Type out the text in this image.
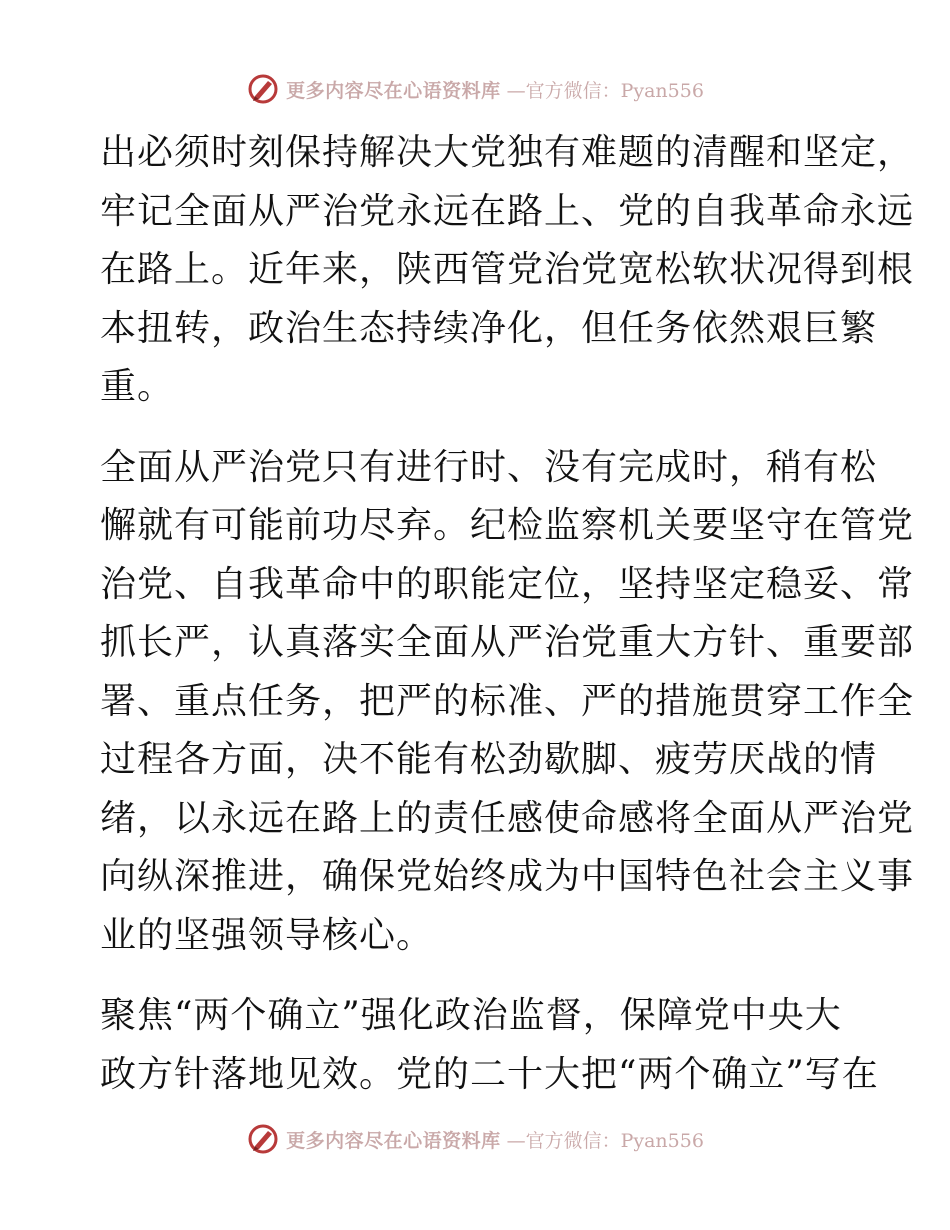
更多内容尽在心语资料库 —官方微信：Pyan556
出必须时刻保持解决大党独有难题的清醒和坚定，
牢记全面从严治党永远在路上、党的自我革命永远
在路上。近年来，陕西管党治党宽松软状况得到根
本扭转，政治生态持续净化，但任务依然艰巨繁
重。
全面从严治党只有进行时、没有完成时，稍有松
懈就有可能前功尽弃。纪检监察机关要坚守在管党
治党、自我革命中的职能定位，坚持坚定稳妥、常
抓长严，认真落实全面从严治党重大方针、重要部
署、重点任务，把严的标准、严的措施贯穿工作全
过程各方面，决不能有松劲歇脚、疲劳厌战的情
绪，以永远在路上的责任感使命感将全面从严治党
向纵深推进，确保党始终成为中国特色社会主义事
业的坚强领导核心。
聚焦“两个确立”强化政治监督，保障党中央大
政方针落地见效。党的二十大把“两个确立”写在
更多内容尽在心语资料库 —官方微信：Pyan556
